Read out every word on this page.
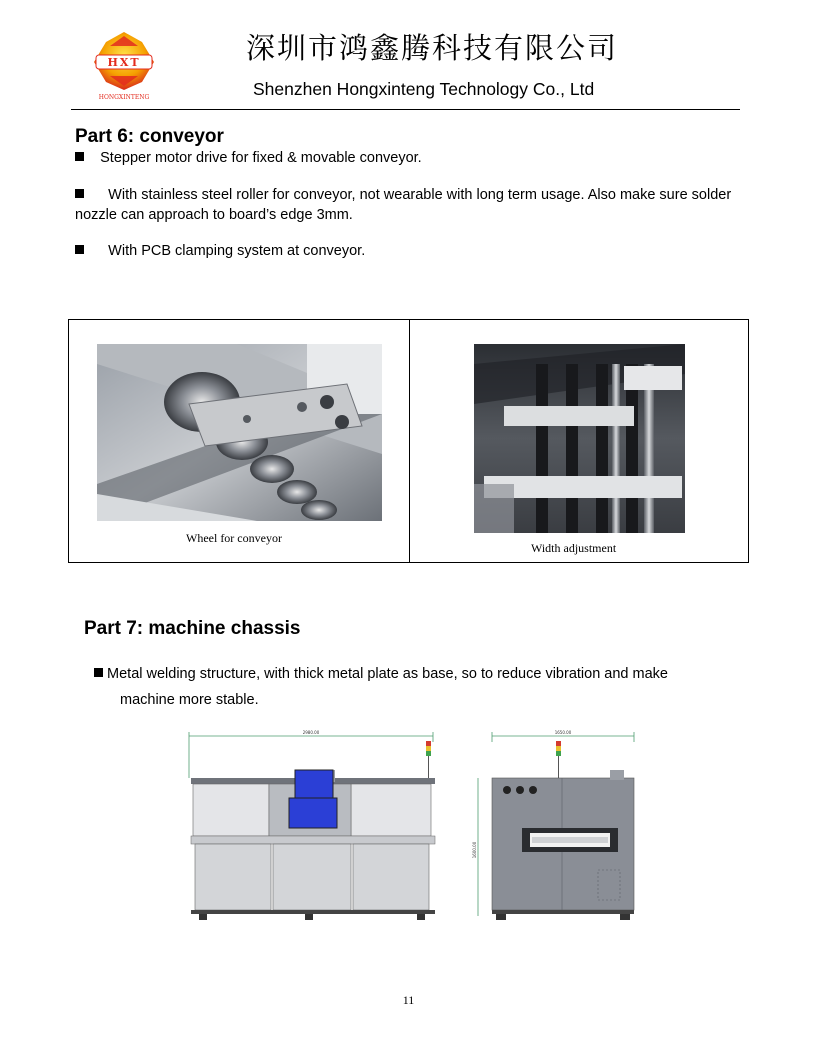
HXT
HONGXINTENG
深圳市鸿鑫腾科技有限公司
Shenzhen Hongxinteng Technology Co., Ltd
Part 6: conveyor
Stepper motor drive for fixed & movable conveyor.
With stainless steel roller for conveyor, not wearable with long term usage. Also make sure solder nozzle can approach to board’s edge 3mm.
With PCB clamping system at conveyor.
Wheel for conveyor
Width adjustment
Part 7: machine chassis
Metal welding structure, with thick metal plate as base, so to reduce vibration and make
machine more stable.
2980.00	1650.00
1600.00
11
